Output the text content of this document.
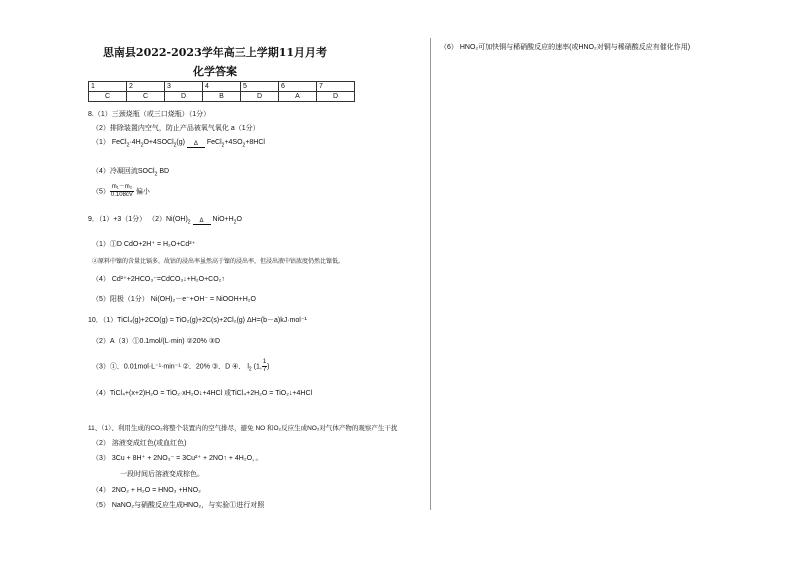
思南县2022-2023学年高三上学期11月月考
化学答案
1	2	3	4	5	6	7
C	C	D	B	D	A	D
8.（1）三颈烧瓶（或三口烧瓶）（1分）
（2）排除装置内空气，防止产品被氧气氧化 a（1分）
（1） $FeCl_2\cdot 4H_2O+4SOCl_2(g)$	Δ	$FeCl_2+4SO_2+8HCl$
（4）冷凝回流SOCl$_2$ BD
$(5) \frac{\text{m₁－m₂}}{0.108cV}$ 偏小
9．（1）+3（1分） $(2)Ni(OH)_2$	Δ	$NiO+H_2O$
（1）①D CdO+2H⁺ = H₂O+Cd²⁺
②原料中镍的含量比镉多，故钴的浸出率虽然高于镍的浸出率，但浸出液中钴浓度仍然比镍低。
（4） Cd²⁺+2HCO₃⁻=CdCO₃↓+H₂O+CO₂↑
（5）阳极（1分） Ni(OH)₂－e⁻+OH⁻ = NiOOH+H₂O
10．（1）TiCl₄(g)+2CO(g) = TiO₂(g)+2C(s)+2Cl₂(g) ΔH=(b－a)kJ·mol⁻¹
（2）A（3）①0.1mol/(L·min) ②20% ③D
（3）①．0.01mol·L⁻¹·min⁻¹ ②．20% ③．D ④． $l_2$ (1, $\frac{1}{7}$ )
（4）TiCl₄+(x+2)H₂O = TiO₂·xH₂O↓+4HCl 或TiCl₄+2H₂O = TiO₂↓+4HCl
11、（1）、利用生成的CO₂将整个装置内的空气排尽，避免 NO 和O₂反应生成NO₂对气体产物的观察产生干扰
（2） 溶液变成红色(或血红色)
（3） 3Cu + 8H⁺ + 2NO₃⁻ = 3Cu²⁺ + 2NO↑ + 4H₂O，。
一段时间后溶液变成棕色。
（4） 2NO₂ + H₂O = HNO₃ +HNO₂
（5） NaNO₂与硝酸反应生成HNO₂，与实验①进行对照
（6） HNO₂可加快铜与稀硝酸反应的速率(或HNO₂对铜与稀硝酸反应有催化作用)
